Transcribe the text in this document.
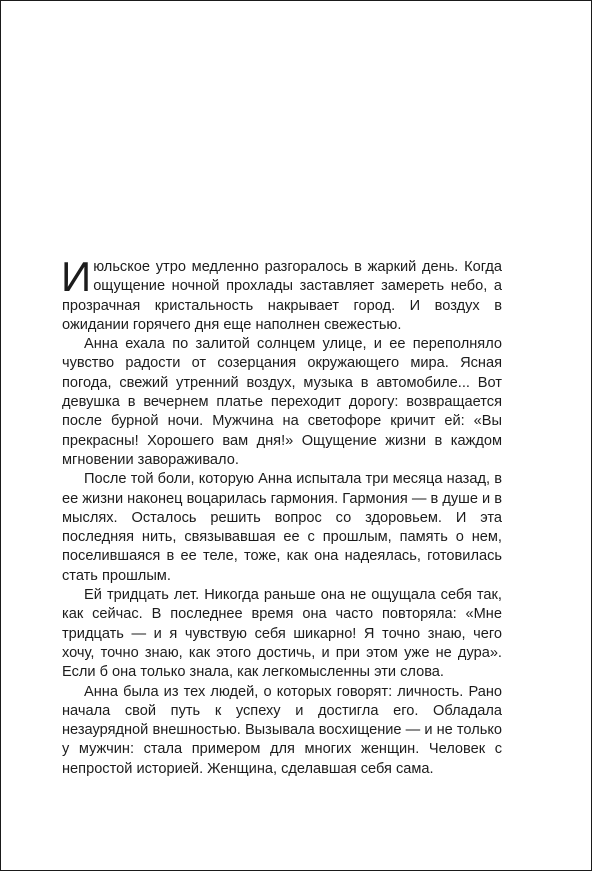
Июльское утро медленно разгоралось в жаркий день. Когда ощущение ночной прохлады заставляет замереть небо, а прозрачная кристальность накрывает город. И воздух в ожидании горячего дня еще наполнен свежестью.

Анна ехала по залитой солнцем улице, и ее переполняло чувство радости от созерцания окружающего мира. Ясная погода, свежий утренний воздух, музыка в автомобиле... Вот девушка в вечернем платье переходит дорогу: возвращается после бурной ночи. Мужчина на светофоре кричит ей: «Вы прекрасны! Хорошего вам дня!» Ощущение жизни в каждом мгновении завораживало.

После той боли, которую Анна испытала три месяца назад, в ее жизни наконец воцарилась гармония. Гармония — в душе и в мыслях. Осталось решить вопрос со здоровьем. И эта последняя нить, связывавшая ее с прошлым, память о нем, поселившаяся в ее теле, тоже, как она надеялась, готовилась стать прошлым.

Ей тридцать лет. Никогда раньше она не ощущала себя так, как сейчас. В последнее время она часто повторяла: «Мне тридцать — и я чувствую себя шикарно! Я точно знаю, чего хочу, точно знаю, как этого достичь, и при этом уже не дура». Если б она только знала, как легкомысленны эти слова.

Анна была из тех людей, о которых говорят: личность. Рано начала свой путь к успеху и достигла его. Обладала незаурядной внешностью. Вызывала восхищение — и не только у мужчин: стала примером для многих женщин. Человек с непростой историей. Женщина, сделавшая себя сама.
